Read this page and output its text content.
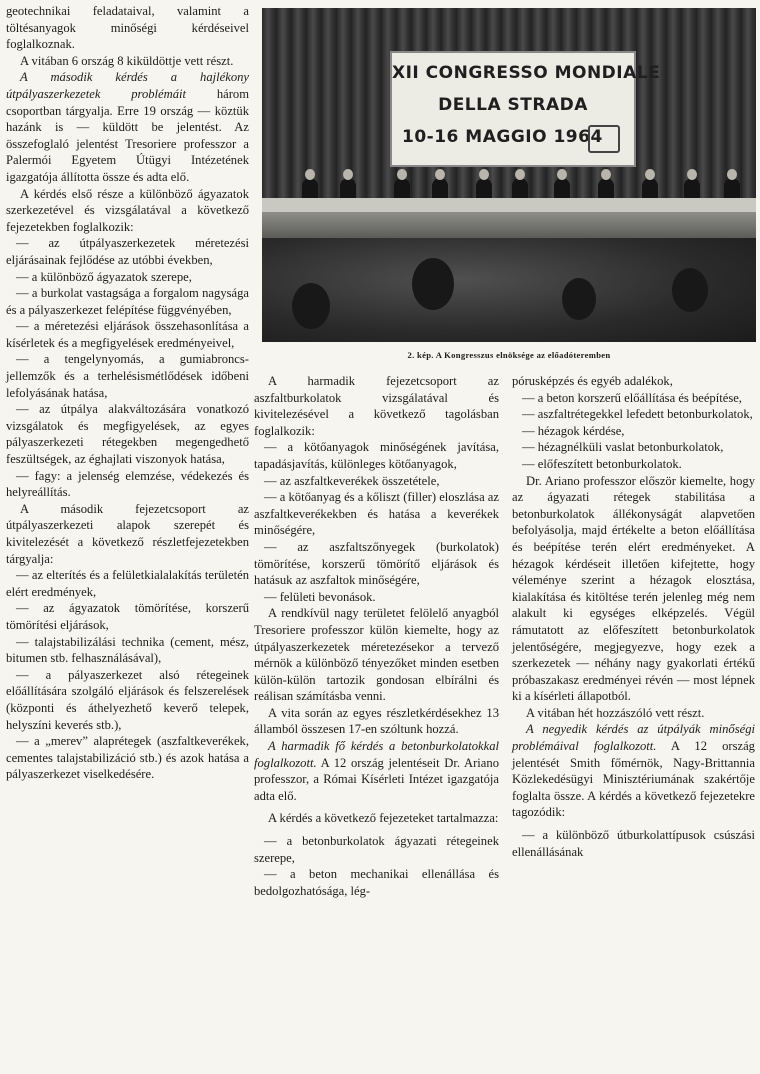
geotechnikai feladataival, valamint a töltésanyagok minőségi kérdéseivel foglalkoznak.

A vitában 6 ország 8 kiküldöttje vett részt.

A második kérdés a hajlékony útpályaszerkezetek problémáit három csoportban tárgyalja. Erre 19 ország — köztük hazánk is — küldött be jelentést. Az összefoglaló jelentést Tresoriere professzor a Palermói Egyetem Útügyi Intézetének igazgatója állította össze és adta elő.

A kérdés első része a különböző ágyazatok szerkezetével és vizsgálatával a következő fejezetekben foglalkozik:

— az útpályaszerkezetek méretezési eljárásainak fejlődése az utóbbi években,

— a különböző ágyazatok szerepe,

— a burkolat vastagsága a forgalom nagysága és a pályaszerkezet felépítése függvényében,

— a méretezési eljárások összehasonlítása a kísérletek és a megfigyelések eredményeivel,

— a tengelynyomás, a gumiabroncs-jellemzők és a terhelésismétlődések időbeni lefolyásának hatása,

— az útpálya alakváltozására vonatkozó vizsgálatok és megfigyelések, az egyes pályaszerkezeti rétegekben megengedhető feszültségek, az éghajlati viszonyok hatása,

— fagy: a jelenség elemzése, védekezés és helyreállítás.

A második fejezetcsoport az útpályaszerkezeti alapok szerepét és kivitelezését a következő részletfejezetekben tárgyalja:

— az elterítés és a felületkialalakítás területén elért eredmények,

— az ágyazatok tömörítése, korszerű tömörítési eljárások,

— talajstabilizálási technika (cement, mész, bitumen stb. felhasználásával),

— a pályaszerkezet alsó rétegeinek előállítására szolgáló eljárások és felszerelések (központi és áthelyezhető keverő telepek, helyszíni keverés stb.),

— a „merev” alaprétegek (aszfaltkeverékek, cementes talajstabilizáció stb.) és azok hatása a pályaszerkezet viselkedésére.

XII CONGRESSO MONDIALE
DELLA STRADA
10-16 MAGGIO 1964
2. kép. A Kongresszus elnöksége az előadóteremben

A harmadik fejezetcsoport az aszfaltburkolatok vizsgálatával és kivitelezésével a következő tagolásban foglalkozik:

— a kötőanyagok minőségének javítása, tapadásjavítás, különleges kötőanyagok,

— az aszfaltkeverékek összetétele,

— a kötőanyag és a kőliszt (filler) eloszlása az aszfaltkeverékekben és hatása a keverékek minőségére,

— az aszfaltszőnyegek (burkolatok) tömörítése, korszerű tömörítő eljárások és hatásuk az aszfaltok minőségére,

— felületi bevonások.

A rendkívül nagy területet felölelő anyagból Tresoriere professzor külön kiemelte, hogy az útpályaszerkezetek méretezésekor a tervező mérnök a különböző tényezőket minden esetben külön-külön tartozik gondosan elbírálni és reálisan számításba venni.

A vita során az egyes részletkérdésekhez 13 államból összesen 17-en szóltunk hozzá.

A harmadik fő kérdés a betonburkolatokkal foglalkozott. A 12 ország jelentéseit Dr. Ariano professzor, a Római Kísérleti Intézet igazgatója adta elő.

A kérdés a következő fejezeteket tartalmazza:

— a betonburkolatok ágyazati rétegeinek szerepe,

— a beton mechanikai ellenállása és bedolgozhatósága, lég-

pórusképzés és egyéb adalékok,

— a beton korszerű előállítása és beépítése,

— aszfaltrétegekkel lefedett betonburkolatok,

— hézagok kérdése,

— hézagnélküli vaslat betonburkolatok,

— előfeszített betonburkolatok.

Dr. Ariano professzor először kiemelte, hogy az ágyazati rétegek stabilitása a betonburkolatok állékonyságát alapvetően befolyásolja, majd értékelte a beton előállítása és beépítése terén elért eredményeket. A hézagok kérdéseit illetően kifejtette, hogy véleménye szerint a hézagok elosztása, kialakítása és kitöltése terén jelenleg még nem alakult ki egységes elképzelés. Végül rámutatott az előfeszített betonburkolatok jelentőségére, megjegyezve, hogy ezek a szerkezetek — néhány nagy gyakorlati értékű próbaszakasz eredményei révén — most lépnek ki a kísérleti állapotból.

A vitában hét hozzászóló vett részt.

A negyedik kérdés az útpályák minőségi problémáival foglalkozott. A 12 ország jelentését Smith főmérnök, Nagy-Brittannia Közlekedésügyi Minisztériumának szakértője foglalta össze. A kérdés a következő fejezetekre tagozódik:

— a különböző útburkolattípusok csúszási ellenállásának
